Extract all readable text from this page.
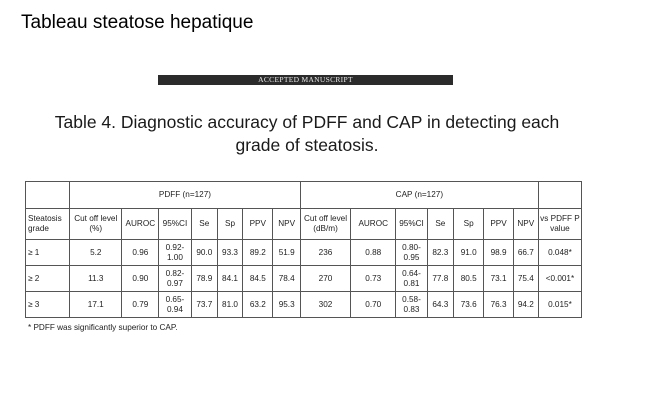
Tableau steatose hepatique
ACCEPTED MANUSCRIPT
Table 4. Diagnostic accuracy of PDFF and CAP in detecting each
grade of steatosis.
	PDFF (n=127)							CAP (n=127)							
Steatosis grade	Cut off level (%)	AUROC	95%CI	Se	Sp	PPV	NPV	Cut off level (dB/m)	AUROC	95%CI	Se	Sp	PPV	NPV	vs PDFF P value
≥ 1	5.2	0.96	0.92-1.00	90.0	93.3	89.2	51.9	236	0.88	0.80-0.95	82.3	91.0	98.9	66.7	0.048*
≥ 2	11.3	0.90	0.82-0.97	78.9	84.1	84.5	78.4	270	0.73	0.64-0.81	77.8	80.5	73.1	75.4	<0.001*
≥ 3	17.1	0.79	0.65-0.94	73.7	81.0	63.2	95.3	302	0.70	0.58-0.83	64.3	73.6	76.3	94.2	0.015*
* PDFF was significantly superior to CAP.
